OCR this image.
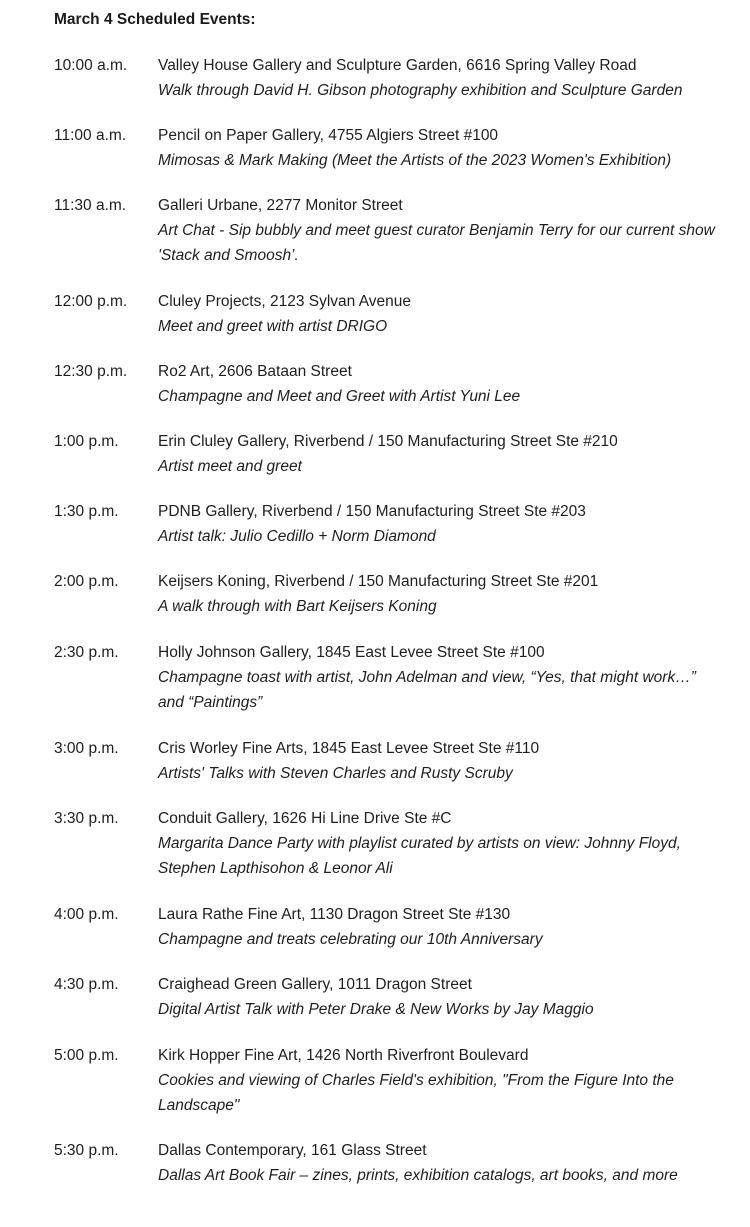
March 4 Scheduled Events:
10:00 a.m.	Valley House Gallery and Sculpture Garden, 6616 Spring Valley Road
Walk through David H. Gibson photography exhibition and Sculpture Garden
11:00 a.m.	Pencil on Paper Gallery, 4755 Algiers Street #100
Mimosas & Mark Making (Meet the Artists of the 2023 Women's Exhibition)
11:30 a.m.	Galleri Urbane, 2277 Monitor Street
Art Chat - Sip bubbly and meet guest curator Benjamin Terry for our current show 'Stack and Smoosh’.
12:00 p.m.	Cluley Projects, 2123 Sylvan Avenue
Meet and greet with artist DRIGO
12:30 p.m.	Ro2 Art, 2606 Bataan Street
Champagne and Meet and Greet with Artist Yuni Lee
1:00 p.m.	Erin Cluley Gallery, Riverbend / 150 Manufacturing Street Ste #210
Artist meet and greet
1:30 p.m.	PDNB Gallery, Riverbend / 150 Manufacturing Street Ste #203
Artist talk: Julio Cedillo + Norm Diamond
2:00 p.m.	Keijsers Koning, Riverbend / 150 Manufacturing Street Ste #201
A walk through with Bart Keijsers Koning
2:30 p.m.	Holly Johnson Gallery, 1845 East Levee Street Ste #100
Champagne toast with artist, John Adelman and view, “Yes, that might work…” and “Paintings”
3:00 p.m.	Cris Worley Fine Arts, 1845 East Levee Street Ste #110
Artists' Talks with Steven Charles and Rusty Scruby
3:30 p.m.	Conduit Gallery, 1626 Hi Line Drive Ste #C
Margarita Dance Party with playlist curated by artists on view: Johnny Floyd, Stephen Lapthisohon & Leonor Ali
4:00 p.m.	Laura Rathe Fine Art, 1130 Dragon Street Ste #130
Champagne and treats celebrating our 10th Anniversary
4:30 p.m.	Craighead Green Gallery, 1011 Dragon Street
Digital Artist Talk with Peter Drake & New Works by Jay Maggio
5:00 p.m.	Kirk Hopper Fine Art, 1426 North Riverfront Boulevard
Cookies and viewing of Charles Field's exhibition, "From the Figure Into the Landscape"
5:30 p.m.	Dallas Contemporary, 161 Glass Street
Dallas Art Book Fair – zines, prints, exhibition catalogs, art books, and more
